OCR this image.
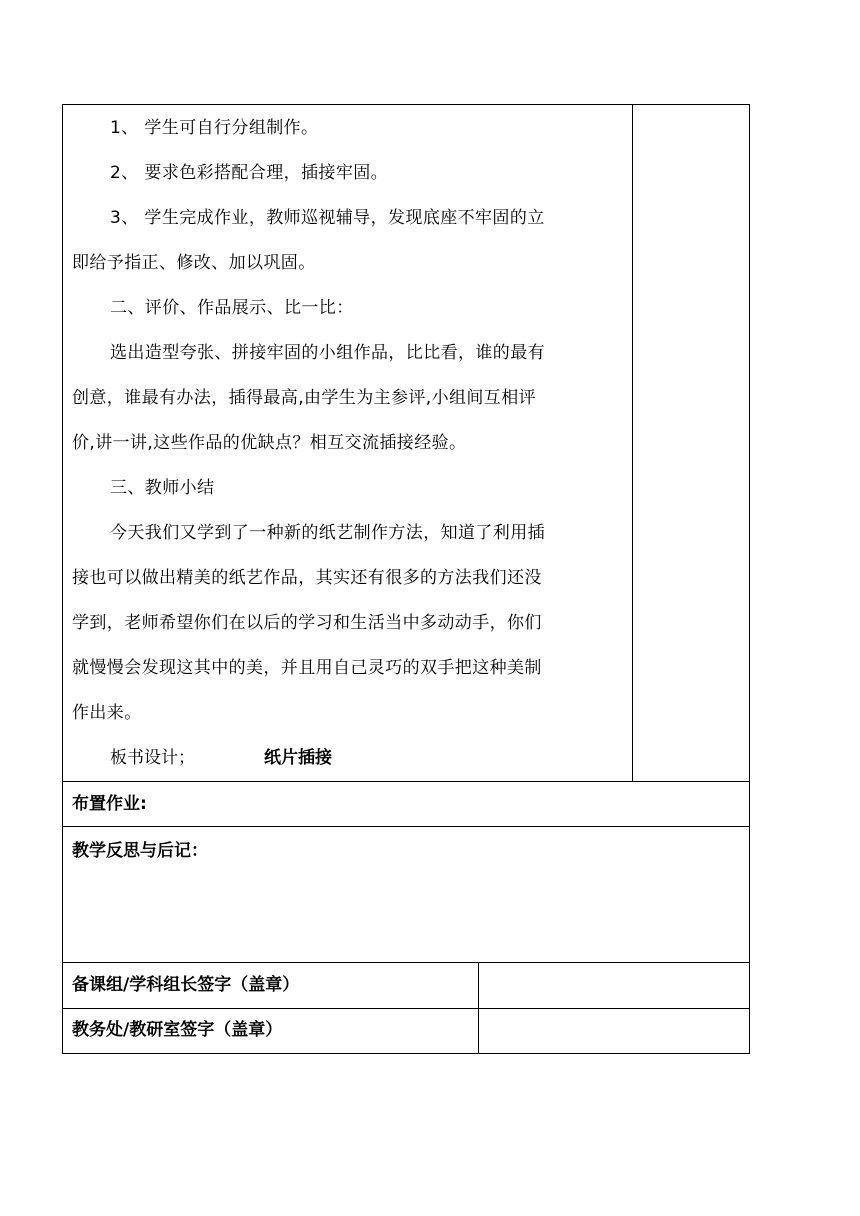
1、 学生可自行分组制作。
2、 要求色彩搭配合理，插接牢固。
3、 学生完成作业，教师巡视辅导，发现底座不牢固的立
即给予指正、修改、加以巩固。
二、评价、作品展示、比一比：
选出造型夸张、拼接牢固的小组作品，比比看，谁的最有
创意，谁最有办法，插得最高,由学生为主参评,小组间互相评
价,讲一讲,这些作品的优缺点？相互交流插接经验。
三、教师小结
今天我们又学到了一种新的纸艺制作方法，知道了利用插
接也可以做出精美的纸艺作品，其实还有很多的方法我们还没
学到，老师希望你们在以后的学习和生活当中多动动手，你们
就慢慢会发现这其中的美，并且用自己灵巧的双手把这种美制
作出来。
板书设计；	纸片插接
布置作业:
教学反思与后记：
备课组/学科组长签字（盖章）
教务处/教研室签字（盖章）
